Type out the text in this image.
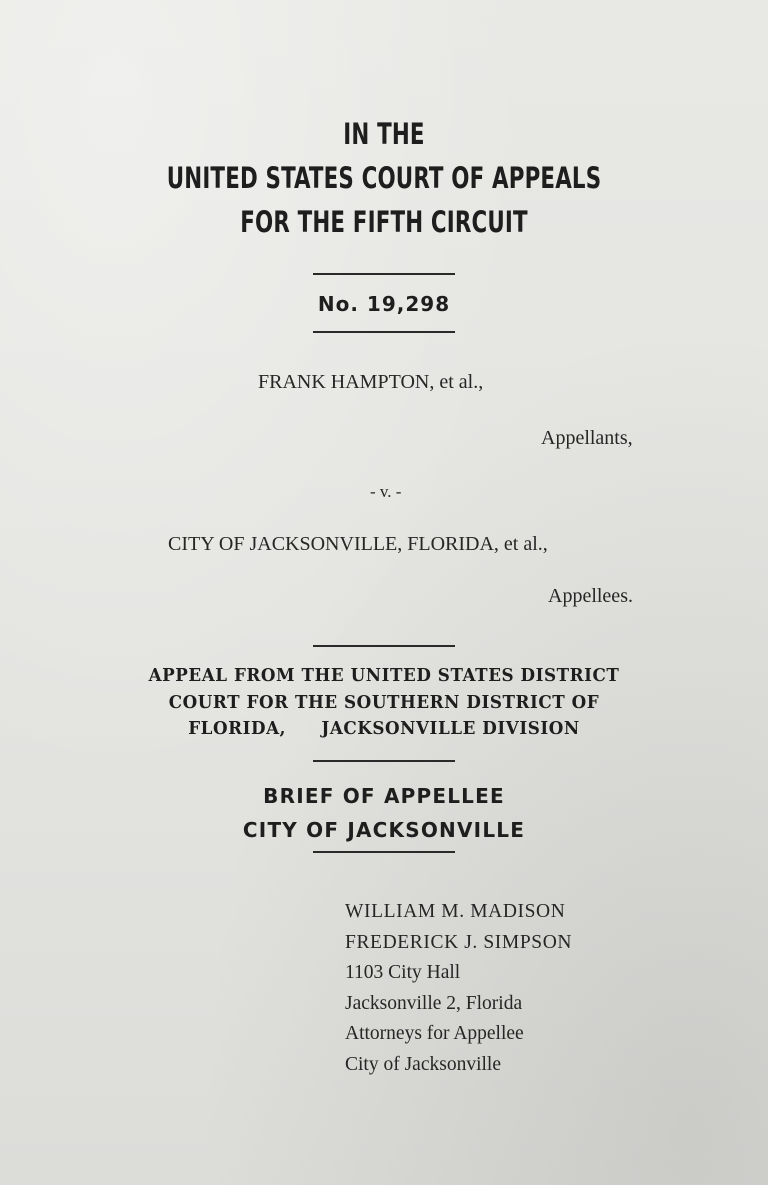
IN THE
UNITED STATES COURT OF APPEALS
FOR THE FIFTH CIRCUIT
No. 19,298
FRANK HAMPTON, et al.,
Appellants,
- v. -
CITY OF JACKSONVILLE, FLORIDA, et al.,
Appellees.
APPEAL FROM THE UNITED STATES DISTRICT
COURT FOR THE SOUTHERN DISTRICT OF
FLORIDA, JACKSONVILLE DIVISION
BRIEF OF APPELLEE
CITY OF JACKSONVILLE
WILLIAM M. MADISON
FREDERICK J. SIMPSON
1103 City Hall
Jacksonville 2, Florida
Attorneys for Appellee
City of Jacksonville
